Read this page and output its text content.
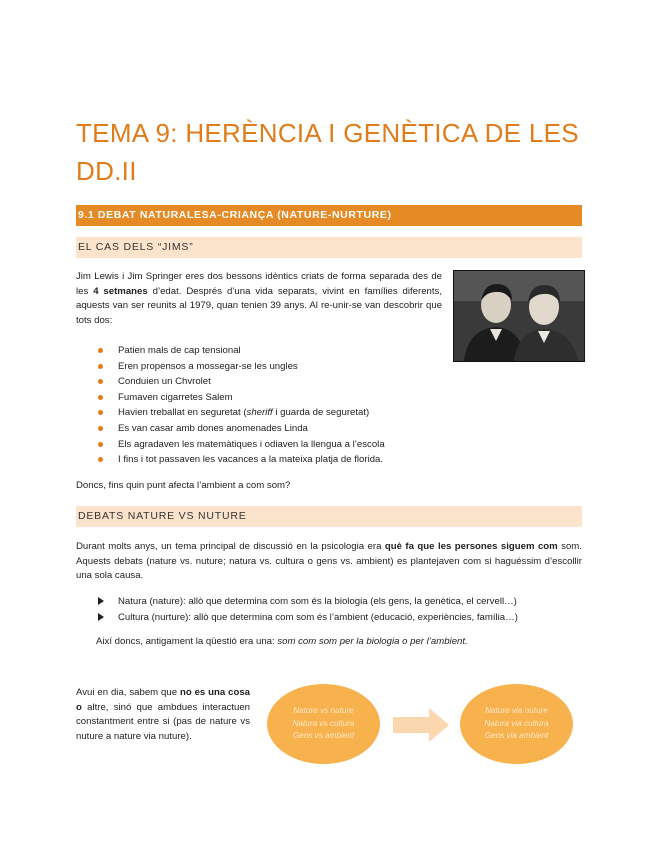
TEMA 9: HERÈNCIA I GENÈTICA DE LES
DD.II
9.1 DEBAT NATURALESA-CRIANÇA (NATURE-NURTURE)
EL CAS DELS “JIMS”
Jim Lewis i Jim Springer eres dos bessons idèntics criats de forma separada des de les 4 setmanes d’edat. Després d’una vida separats, vivint en famílies diferents, aquests van ser reunits al 1979, quan tenien 39 anys. Al re-unir-se van descobrir que tots dos:
Patien mals de cap tensional
Eren propensos a mossegar-se les ungles
Conduien un Chvrolet
Fumaven cigarretes Salem
Havien treballat en seguretat (sheriff i guarda de seguretat)
Es van casar amb dones anomenades Linda
Els agradaven les matemàtiques i odiaven la llengua a l’escola
I fins i tot passaven les vacances a la mateixa platja de florida.
Doncs, fins quin punt afecta l’ambient a com som?
DEBATS NATURE VS NUTURE
Durant molts anys, un tema principal de discussió en la psicologia era què fa que les persones siguem com som. Aquests debats (nature vs. nuture; natura vs. cultura o gens vs. ambient) es plantejaven com si haguéssim d’escollir una sola causa.
Natura (nature): allò que determina com som és la biologia (els gens, la genètica, el cervell…)
Cultura (nurture): allò que determina com som és l’ambient (educació, experiències, família…)
Així doncs, antigament la qüestió era una: som com som per la biologia o per l’ambient.
Avui en dia, sabem que no es una cosa o altre, sinó que ambdues interactuen constantment entre si (pas de nature vs nuture a nature via nuture).
Nature vs nuture
Natura vs cultura
Gens vs ambient
Nature via nuture
Natura via cultura
Gens via ambient
